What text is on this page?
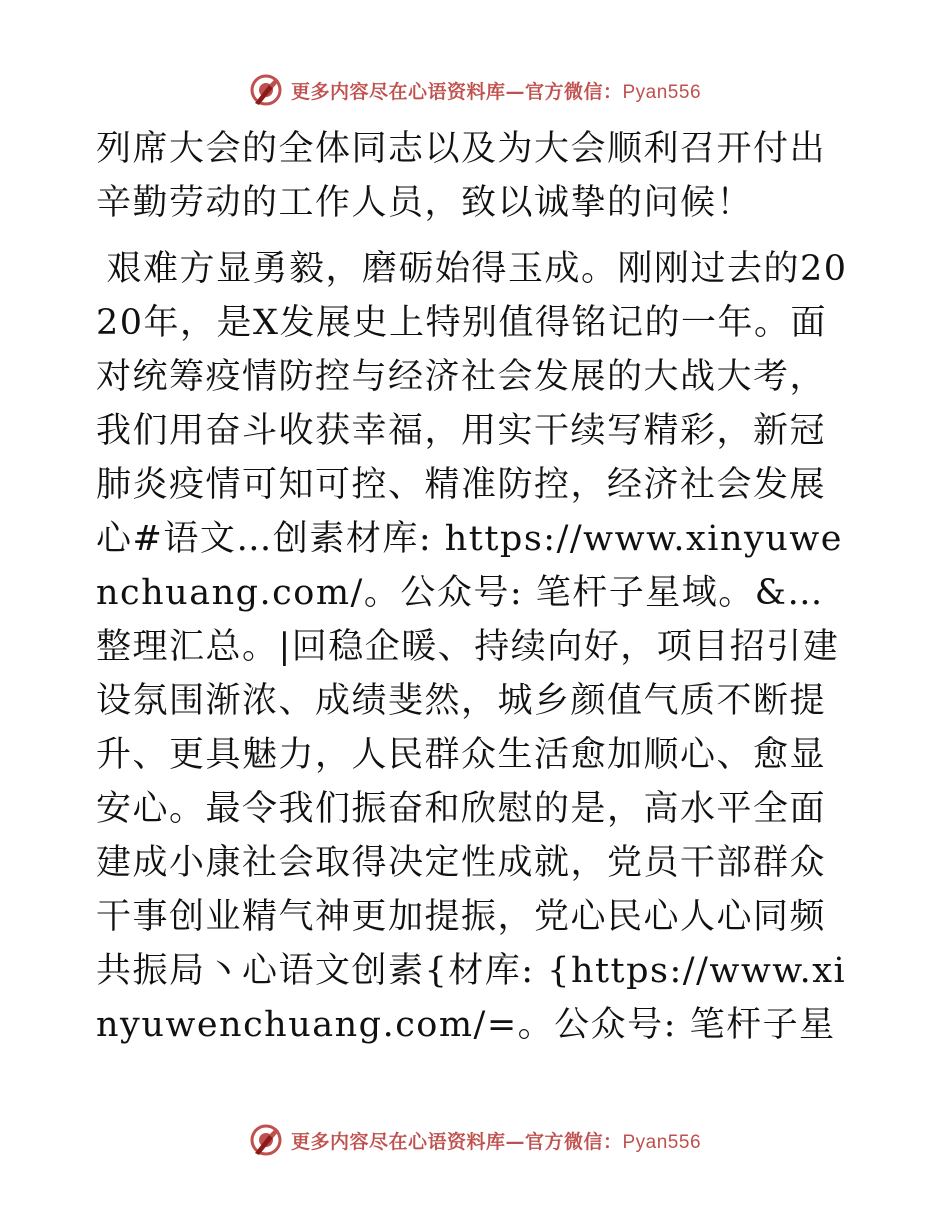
更多内容尽在心语资料库—官方微信：Pyan556

列席大会的全体同志以及为大会顺利召开付出辛勤劳动的工作人员，致以诚挚的问候！

艰难方显勇毅，磨砺始得玉成。刚刚过去的2020年，是X发展史上特别值得铭记的一年。面对统筹疫情防控与经济社会发展的大战大考，我们用奋斗收获幸福，用实干续写精彩，新冠肺炎疫情可知可控、精准防控，经济社会发展心#语文…创素材库: https://www.xinyuwenchuang.com/。公众号: 笔杆子星域。&…整理汇总。|回稳企暖、持续向好，项目招引建设氛围渐浓、成绩斐然，城乡颜值气质不断提升、更具魅力，人民群众生活愈加顺心、愈显安心。最令我们振奋和欣慰的是，高水平全面建成小康社会取得决定性成就，党员干部群众干事创业精气神更加提振，党心民心人心同频共振局丶心语文创素{材库: {https://www.xinyuwenchuang.com/=。公众号: 笔杆子星

更多内容尽在心语资料库—官方微信：Pyan556
